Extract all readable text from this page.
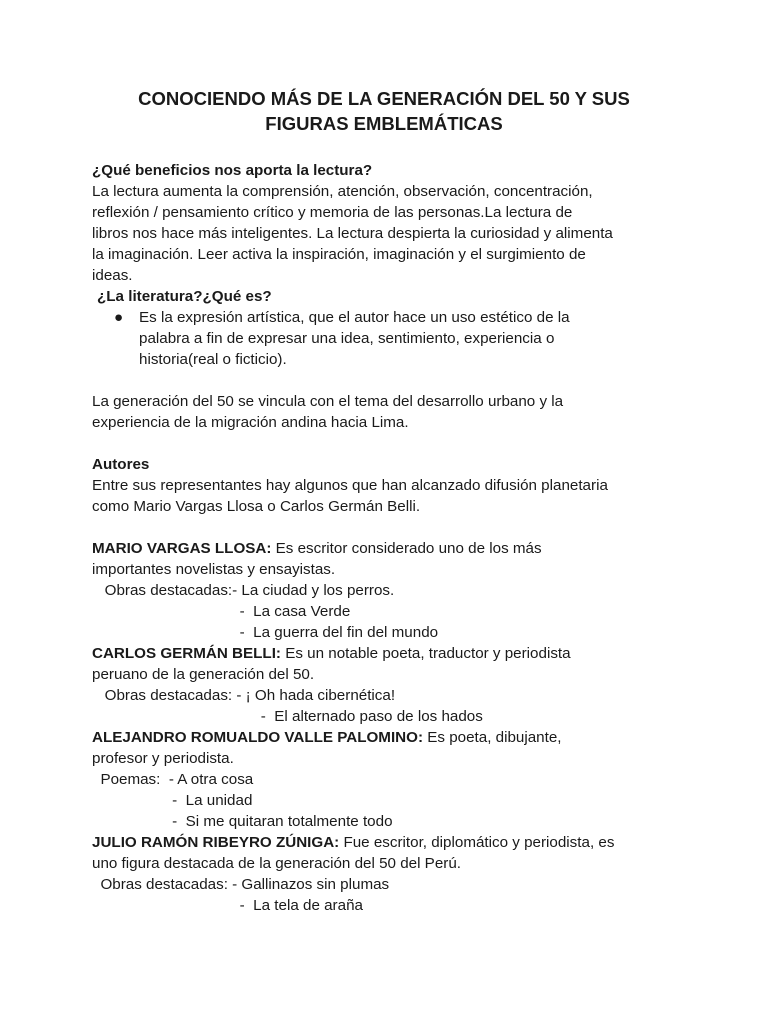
CONOCIENDO MÁS DE LA GENERACIÓN DEL 50 Y SUS
FIGURAS EMBLEMÁTICAS

¿Qué beneficios nos aporta la lectura?

La lectura aumenta la comprensión, atención, observación, concentración,

reflexión / pensamiento crítico y memoria de las personas.La lectura de

libros nos hace más inteligentes. La lectura despierta la curiosidad y alimenta

la imaginación. Leer activa la inspiración, imaginación y el surgimiento de

ideas.

¿La literatura?¿Qué es?

● Es la expresión artística, que el autor hace un uso estético de la

palabra a fin de expresar una idea, sentimiento, experiencia o

historia(real o ficticio).

La generación del 50 se vincula con el tema del desarrollo urbano y la

experiencia de la migración andina hacia Lima.

Autores

Entre sus representantes hay algunos que han alcanzado difusión planetaria

como Mario Vargas Llosa o Carlos Germán Belli.

MARIO VARGAS LLOSA: Es escritor considerado uno de los más

importantes novelistas y ensayistas.

Obras destacadas:- La ciudad y los perros.

-  La casa Verde

-  La guerra del fin del mundo

CARLOS GERMÁN BELLI: Es un notable poeta, traductor y periodista

peruano de la generación del 50.

Obras destacadas: - ¡ Oh hada cibernética!

-  El alternado paso de los hados

ALEJANDRO ROMUALDO VALLE PALOMINO: Es poeta, dibujante,

profesor y periodista.

Poemas:  - A otra cosa

-  La unidad

-  Si me quitaran totalmente todo

JULIO RAMÓN RIBEYRO ZÚNIGA: Fue escritor, diplomático y periodista, es

uno figura destacada de la generación del 50 del Perú.

Obras destacadas: - Gallinazos sin plumas

-  La tela de araña
